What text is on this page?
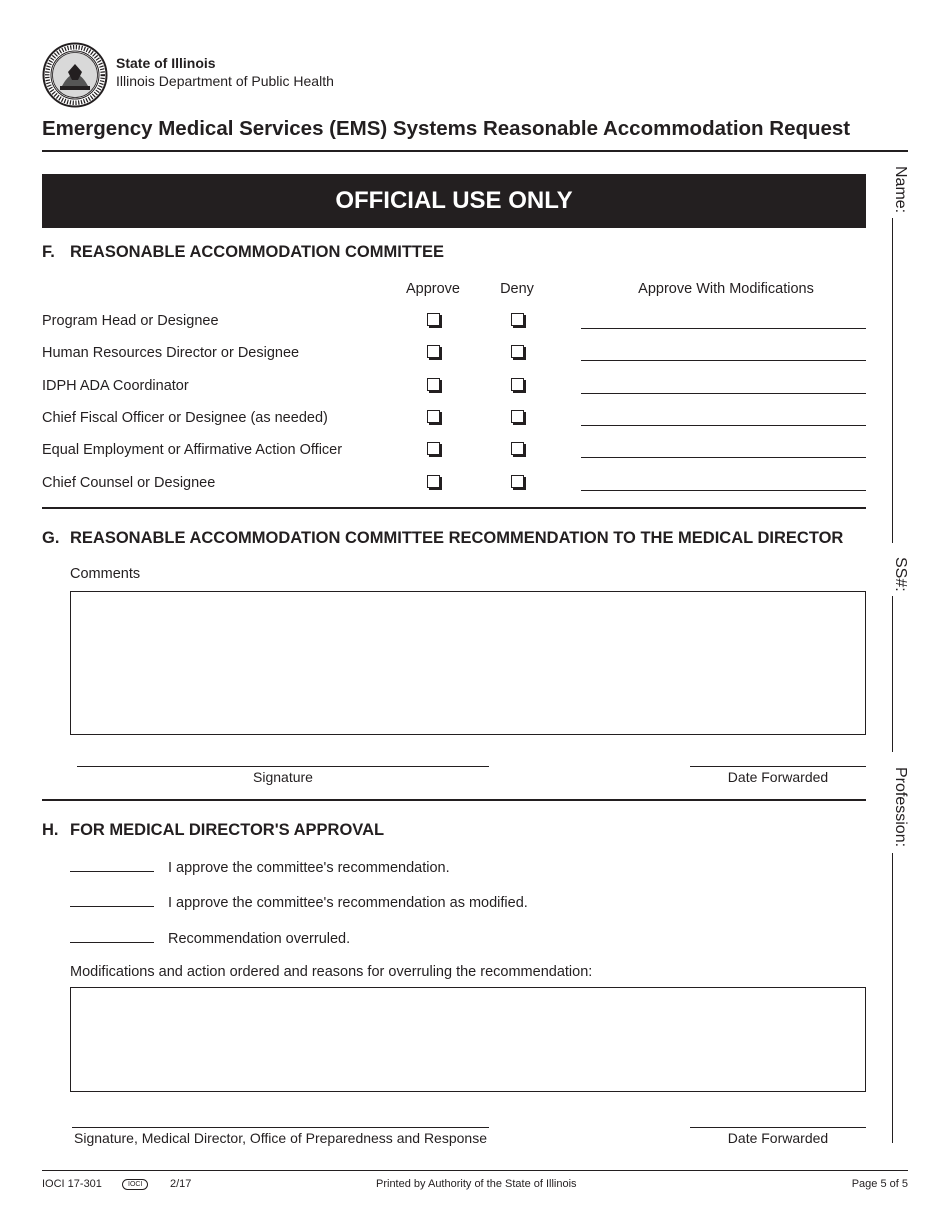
State of Illinois
Illinois Department of Public Health
Emergency Medical Services (EMS) Systems Reasonable Accommodation Request
OFFICIAL USE ONLY
F. REASONABLE ACCOMMODATION COMMITTEE
Approve	Deny	Approve With Modifications
Program Head or Designee
Human Resources Director or Designee
IDPH ADA Coordinator
Chief Fiscal Officer or Designee (as needed)
Equal Employment or Affirmative Action Officer
Chief Counsel or Designee
G. REASONABLE ACCOMMODATION COMMITTEE RECOMMENDATION TO THE MEDICAL DIRECTOR
Comments
Signature	Date Forwarded
H. FOR MEDICAL DIRECTOR'S APPROVAL
I approve the committee's recommendation.
I approve the committee's recommendation as modified.
Recommendation overruled.
Modifications and action ordered and reasons for overruling the recommendation:
Signature, Medical Director, Office of Preparedness and Response	Date Forwarded
Name:
SS#:
Profession:
IOCI 17-301	IOCI	2/17	Printed by Authority of the State of Illinois	Page 5 of 5
